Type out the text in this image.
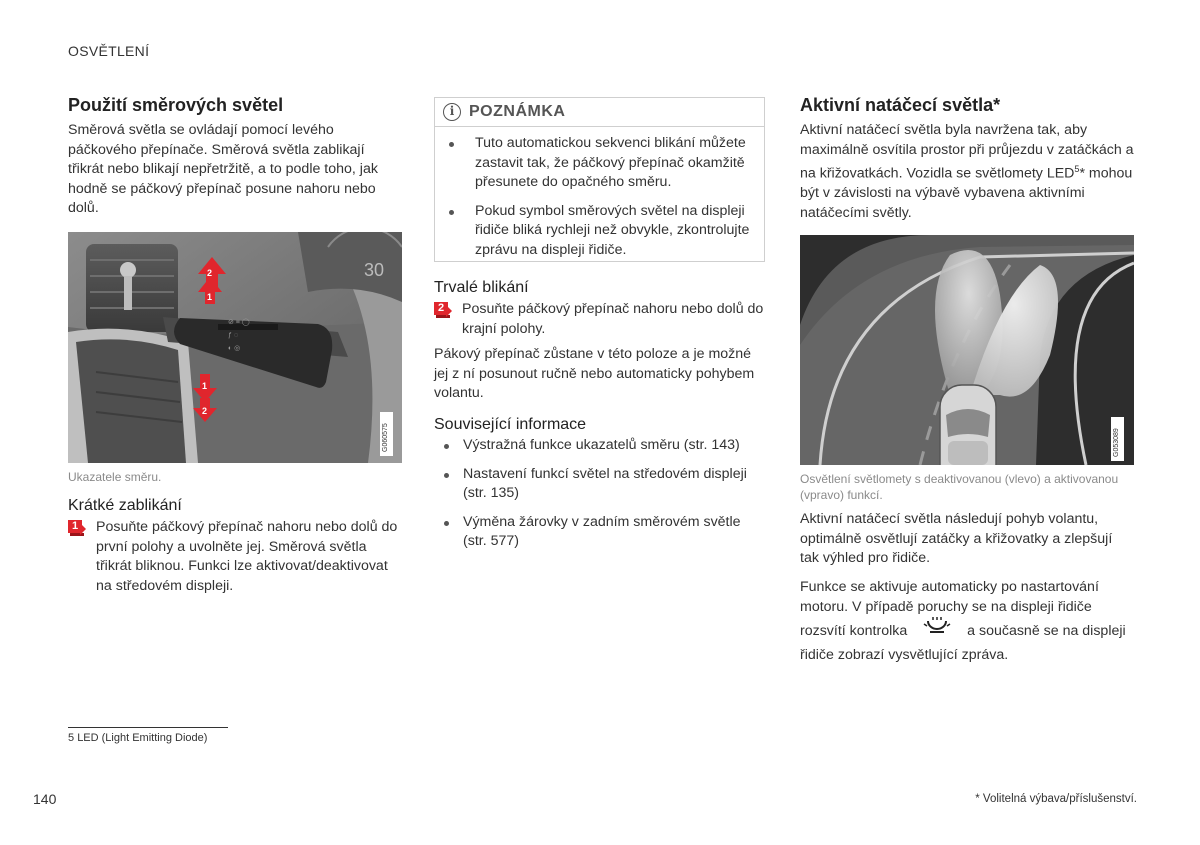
OSVĚTLENÍ
Použití směrových světel
Směrová světla se ovládají pomocí levého páčkového přepínače. Směrová světla zablikají třikrát nebo blikají nepřetržitě, a to podle toho, jak hodně se páčkový přepínač posune nahoru nebo dolů.
30
⊘ ≡ ◯
ƒ ◌
◐ ◎
2
1
1
2
G060575
Ukazatele směru.
Krátké zablikání
1 Posuňte páčkový přepínač nahoru nebo dolů do první polohy a uvolněte jej. Směrová světla třikrát bliknou. Funkci lze aktivovat/deaktivovat na středovém displeji.
5 LED (Light Emitting Diode)
i POZNÁMKA
Tuto automatickou sekvenci blikání můžete zastavit tak, že páčkový přepínač okamžitě přesunete do opačného směru.
Pokud symbol směrových světel na displeji řidiče bliká rychleji než obvykle, zkontrolujte zprávu na displeji řidiče.
Trvalé blikání
2 Posuňte páčkový přepínač nahoru nebo dolů do krajní polohy.
Pákový přepínač zůstane v této poloze a je možné jej z ní posunout ručně nebo automaticky pohybem volantu.
Související informace
Výstražná funkce ukazatelů směru (str. 143)
Nastavení funkcí světel na středovém displeji (str. 135)
Výměna žárovky v zadním směrovém světle (str. 577)
Aktivní natáčecí světla*
Aktivní natáčecí světla byla navržena tak, aby maximálně osvítila prostor při průjezdu v zatáčkách a na křižovatkách. Vozidla se světlomety LED$^5$* mohou být v závislosti na výbavě vybavena aktivními natáčecími světly.
G053089
Osvětlení světlomety s deaktivovanou (vlevo) a aktivovanou (vpravo) funkcí.
Aktivní natáčecí světla následují pohyb volantu, optimálně osvětlují zatáčky a křižovatky a zlepšují tak výhled pro řidiče.
Funkce se aktivuje automaticky po nastartování motoru. V případě poruchy se na displeji řidiče rozsvítí kontrolka	a současně se na displeji řidiče zobrazí vysvětlující zpráva.
140	* Volitelná výbava/příslušenství.
